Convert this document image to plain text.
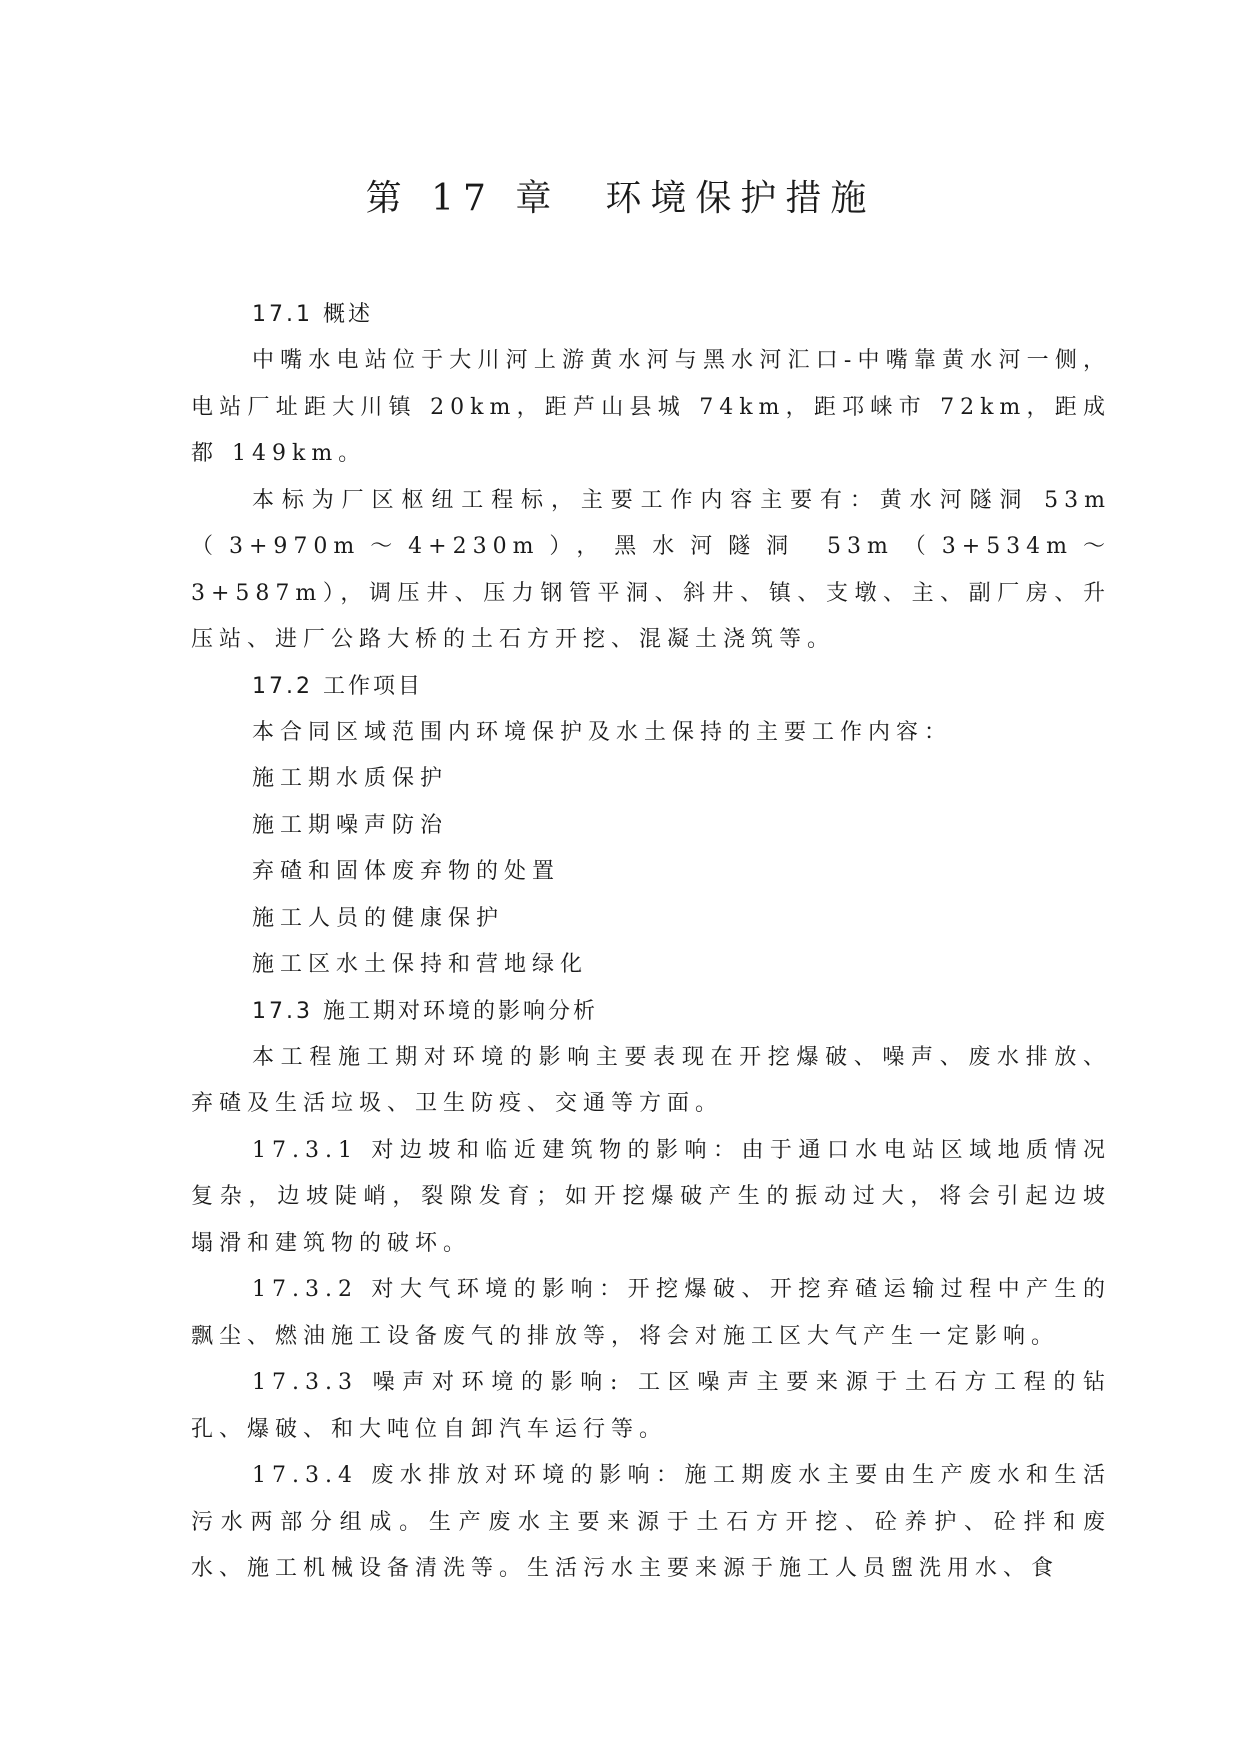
第 17 章　环境保护措施
17.1 概述

中嘴水电站位于大川河上游黄水河与黑水河汇口-中嘴靠黄水河一侧，电站厂址距大川镇 20km，距芦山县城 74km，距邛崃市 72km，距成都 149km。

本标为厂区枢纽工程标，主要工作内容主要有：黄水河隧洞 53m（3+970m～4+230m），黑水河隧洞 53m（3+534m～3+587m），调压井、压力钢管平洞、斜井、镇、支墩、主、副厂房、升压站、进厂公路大桥的土石方开挖、混凝土浇筑等。

17.2 工作项目

本合同区域范围内环境保护及水土保持的主要工作内容：

施工期水质保护

施工期噪声防治

弃碴和固体废弃物的处置

施工人员的健康保护

施工区水土保持和营地绿化

17.3 施工期对环境的影响分析

本工程施工期对环境的影响主要表现在开挖爆破、噪声、废水排放、弃碴及生活垃圾、卫生防疫、交通等方面。

17.3.1 对边坡和临近建筑物的影响：由于通口水电站区域地质情况复杂，边坡陡峭，裂隙发育；如开挖爆破产生的振动过大，将会引起边坡塌滑和建筑物的破坏。

17.3.2 对大气环境的影响：开挖爆破、开挖弃碴运输过程中产生的飘尘、燃油施工设备废气的排放等，将会对施工区大气产生一定影响。

17.3.3 噪声对环境的影响: 工区噪声主要来源于土石方工程的钻孔、爆破、和大吨位自卸汽车运行等。

17.3.4 废水排放对环境的影响：施工期废水主要由生产废水和生活污水两部分组成。生产废水主要来源于土石方开挖、砼养护、砼拌和废水、施工机械设备清洗等。生活污水主要来源于施工人员盥洗用水、食
